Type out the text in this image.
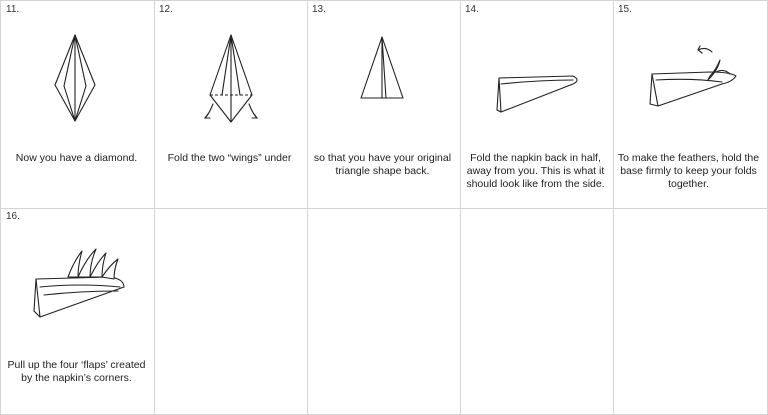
11.
Now you have a diamond.
12.
Fold the two “wings” under
13.
so that you have your original triangle shape back.
14.
Fold the napkin back in half, away from you. This is what it should look like from the side.
15.
To make the feathers, hold the base firmly to keep your folds together.
16.
Pull up the four ‘flaps’ created by the napkin’s corners.
